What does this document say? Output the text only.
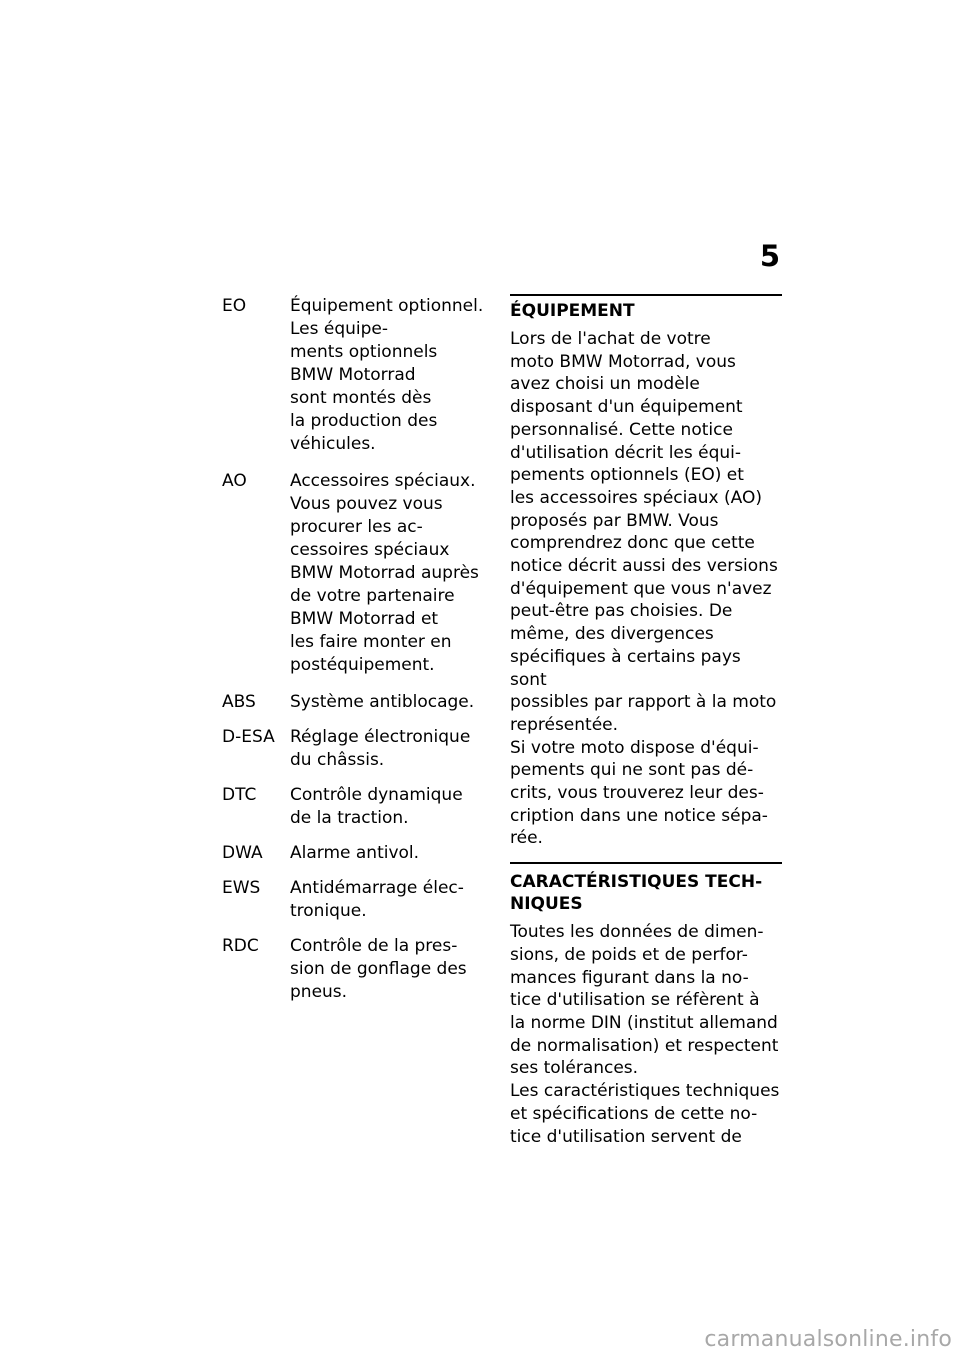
5
EO	Équipement optionnel.
Les équipe-
ments optionnels
BMW Motorrad
sont montés dès
la production des
véhicules.
AO	Accessoires spéciaux.
Vous pouvez vous
procurer les ac-
cessoires spéciaux
BMW Motorrad auprès
de votre partenaire
BMW Motorrad et
les faire monter en
postéquipement.
ABS Système antiblocage.
D-ESA Réglage électronique
du châssis.
DTC Contrôle dynamique
de la traction.
DWA Alarme antivol.
EWS Antidémarrage élec-
tronique.
RDC Contrôle de la pres-
sion de gonflage des
pneus.
ÉQUIPEMENT

Lors de l'achat de votre
moto BMW Motorrad, vous
avez choisi un modèle
disposant d'un équipement
personnalisé. Cette notice
d'utilisation décrit les équi-
pements optionnels (EO) et
les accessoires spéciaux (AO)
proposés par BMW. Vous
comprendrez donc que cette
notice décrit aussi des versions
d'équipement que vous n'avez
peut-être pas choisies. De
même, des divergences
spécifiques à certains pays sont
possibles par rapport à la moto
représentée.

Si votre moto dispose d'équi-
pements qui ne sont pas dé-
crits, vous trouverez leur des-
cription dans une notice sépa-
rée.

CARACTÉRISTIQUES TECH-
NIQUES

Toutes les données de dimen-
sions, de poids et de perfor-
mances figurant dans la no-
tice d'utilisation se réfèrent à
la norme DIN (institut allemand
de normalisation) et respectent
ses tolérances.

Les caractéristiques techniques
et spécifications de cette no-
tice d'utilisation servent de

carmanualsonline.info
